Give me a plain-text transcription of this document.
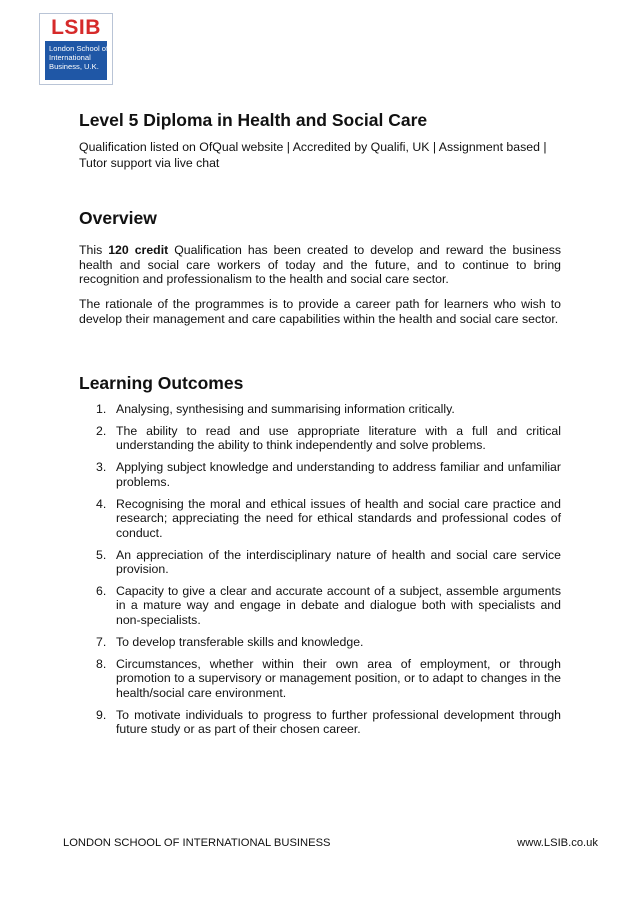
LSIB
London School of
International
Business, U.K.
Level 5 Diploma in Health and Social Care

Qualification listed on OfQual website | Accredited by Qualifi, UK | Assignment based | Tutor support via live chat

Overview

This 120 credit Qualification has been created to develop and reward the business health and social care workers of today and the future, and to continue to bring recognition and professionalism to the health and social care sector.

The rationale of the programmes is to provide a career path for learners who wish to develop their management and care capabilities within the health and social care sector.

Learning Outcomes
1. Analysing, synthesising and summarising information critically.
2. The ability to read and use appropriate literature with a full and critical understanding the ability to think independently and solve problems.
3. Applying subject knowledge and understanding to address familiar and unfamiliar problems.
4. Recognising the moral and ethical issues of health and social care practice and research; appreciating the need for ethical standards and professional codes of conduct.
5. An appreciation of the interdisciplinary nature of health and social care service provision.
6. Capacity to give a clear and accurate account of a subject, assemble arguments in a mature way and engage in debate and dialogue both with specialists and non-specialists.
7. To develop transferable skills and knowledge.
8. Circumstances, whether within their own area of employment, or through promotion to a supervisory or management position, or to adapt to changes in the health/social care environment.
9. To motivate individuals to progress to further professional development through future study or as part of their chosen career.
LONDON SCHOOL OF INTERNATIONAL BUSINESS	www.LSIB.co.uk
